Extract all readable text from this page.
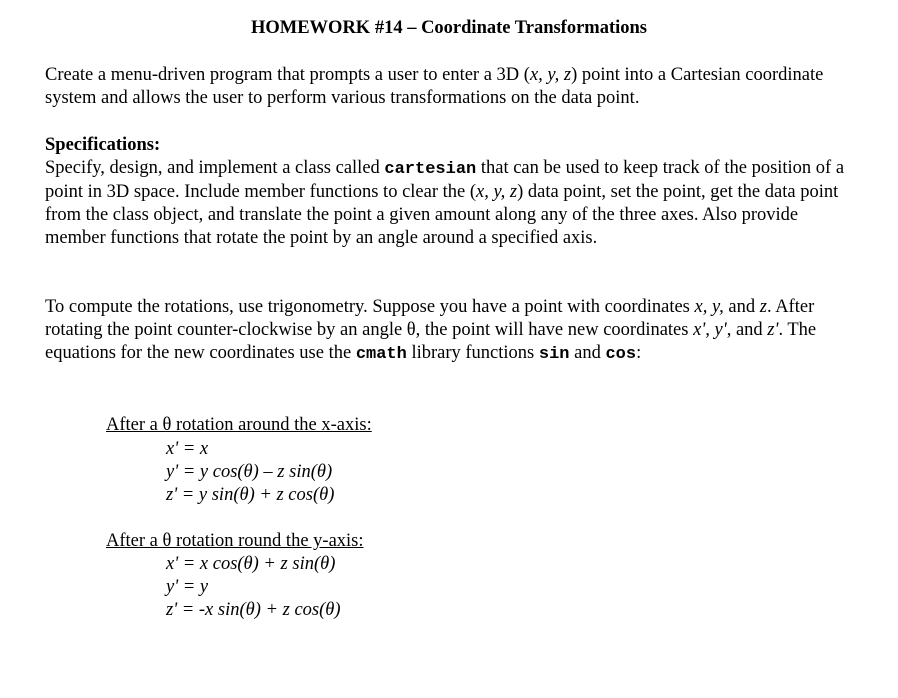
HOMEWORK #14 – Coordinate Transformations
Create a menu-driven program that prompts a user to enter a 3D (x, y, z) point into a Cartesian coordinate system and allows the user to perform various transformations on the data point.
Specifications:
Specify, design, and implement a class called cartesian that can be used to keep track of the position of a point in 3D space. Include member functions to clear the (x, y, z) data point, set the point, get the data point from the class object, and translate the point a given amount along any of the three axes. Also provide member functions that rotate the point by an angle around a specified axis.
To compute the rotations, use trigonometry. Suppose you have a point with coordinates x, y, and z. After rotating the point counter-clockwise by an angle θ, the point will have new coordinates x', y', and z'. The equations for the new coordinates use the cmath library functions sin and cos:
After a θ rotation around the x-axis:
x' = x
y' = y cos(θ) – z sin(θ)
z' = y sin(θ) + z cos(θ)
After a θ rotation round the y-axis:
x' = x cos(θ) + z sin(θ)
y' = y
z' = -x sin(θ) + z cos(θ)
